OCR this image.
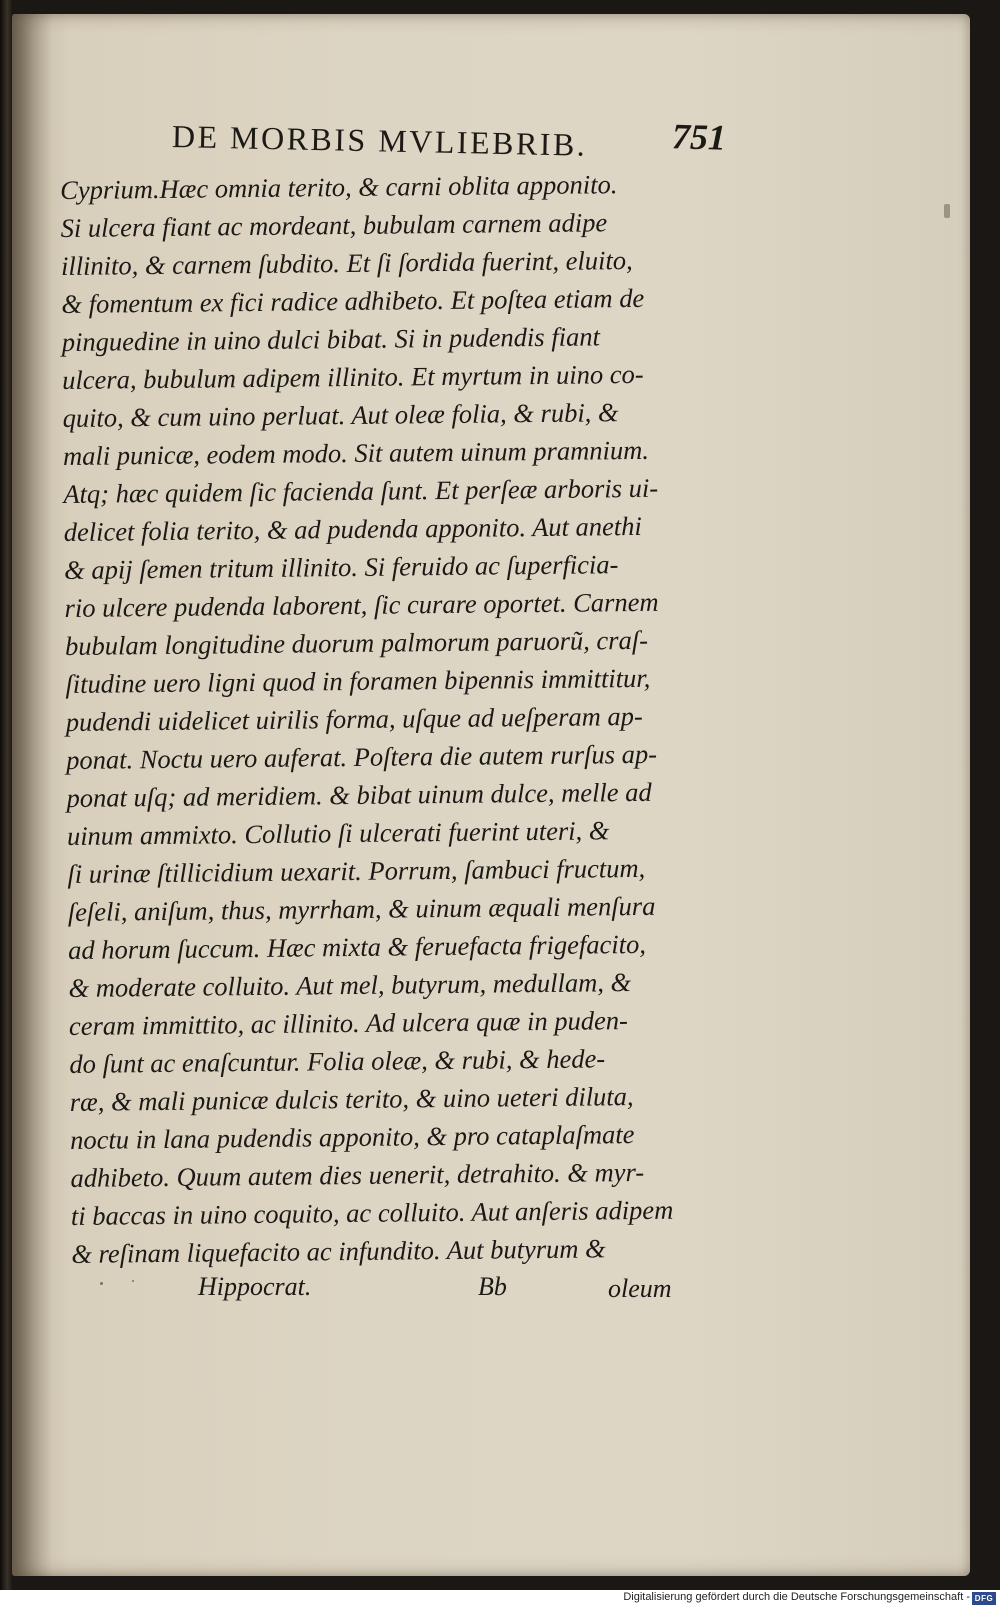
DE MORBIS MVLIEBRIB. 751
Cyprium.Hæc omnia terito, & carni oblita apponito.
Si ulcera fiant ac mordeant, bubulam carnem adipe
illinito, & carnem ſubdito. Et ſi ſordida fuerint, eluito,
& fomentum ex fici radice adhibeto. Et poſtea etiam de
pinguedine in uino dulci bibat. Si in pudendis fiant
ulcera, bubulum adipem illinito. Et myrtum in uino co-
quito, & cum uino perluat. Aut oleæ folia, & rubi, &
mali punicæ, eodem modo. Sit autem uinum pramnium.
Atq; hæc quidem ſic facienda ſunt. Et perſeæ arboris ui-
delicet folia terito, & ad pudenda apponito. Aut anethi
& apij ſemen tritum illinito. Si feruido ac ſuperficia-
rio ulcere pudenda laborent, ſic curare oportet. Carnem
bubulam longitudine duorum palmorum paruorũ, craſ-
ſitudine uero ligni quod in foramen bipennis immittitur,
pudendi uidelicet uirilis forma, uſque ad ueſperam ap-
ponat. Noctu uero auferat. Poſtera die autem rurſus ap-
ponat uſq; ad meridiem. & bibat uinum dulce, melle ad
uinum ammixto. Collutio ſi ulcerati fuerint uteri, &
ſi urinæ ſtillicidium uexarit. Porrum, ſambuci fructum,
ſeſeli, aniſum, thus, myrrham, & uinum æquali menſura
ad horum ſuccum. Hæc mixta & feruefacta frigefacito,
& moderate colluito. Aut mel, butyrum, medullam, &
ceram immittito, ac illinito. Ad ulcera quæ in puden-
do ſunt ac enaſcuntur. Folia oleæ, & rubi, & hede-
ræ, & mali punicæ dulcis terito, & uino ueteri diluta,
noctu in lana pudendis apponito, & pro cataplaſmate
adhibeto. Quum autem dies uenerit, detrahito. & myr-
ti baccas in uino coquito, ac colluito. Aut anſeris adipem
& reſinam liquefacito ac infundito. Aut butyrum &
Hippocrat.	Bb	oleum
Digitalisierung gefördert durch die Deutsche Forschungsgemeinschaft - DFG
